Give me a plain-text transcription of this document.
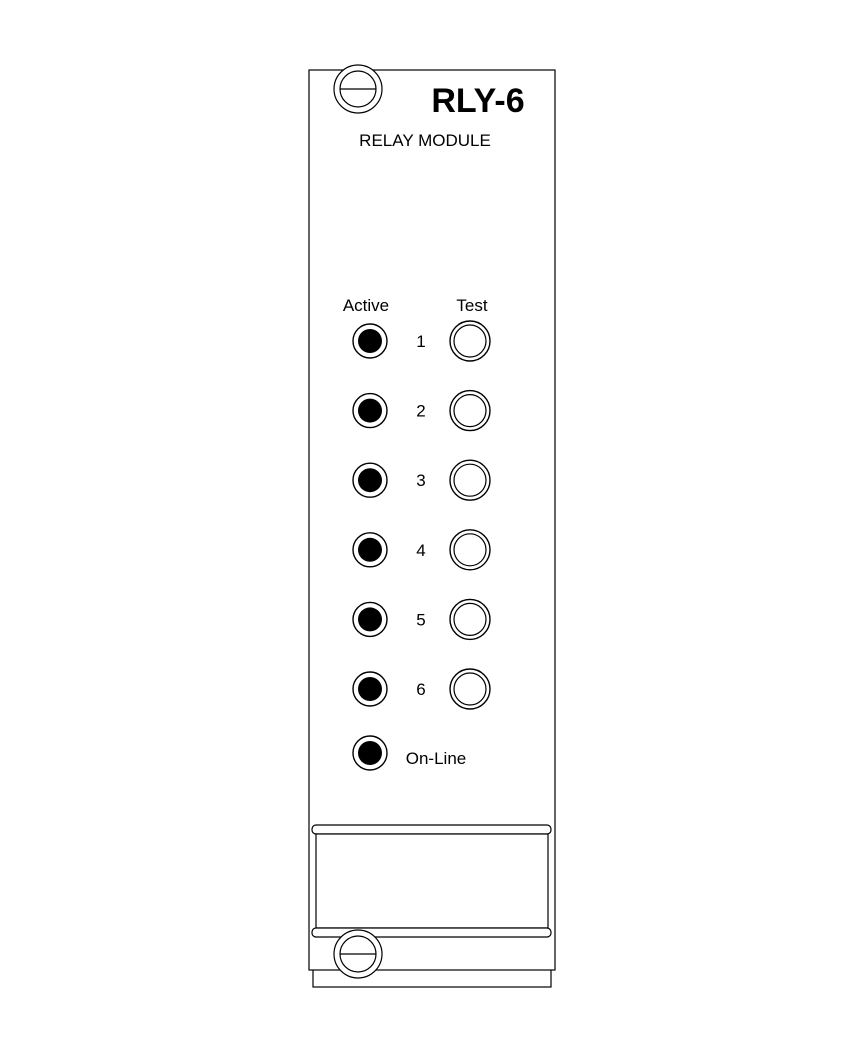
RLY-6
RELAY MODULE
Active	Test
1
2
3
4
5
6
On-Line
